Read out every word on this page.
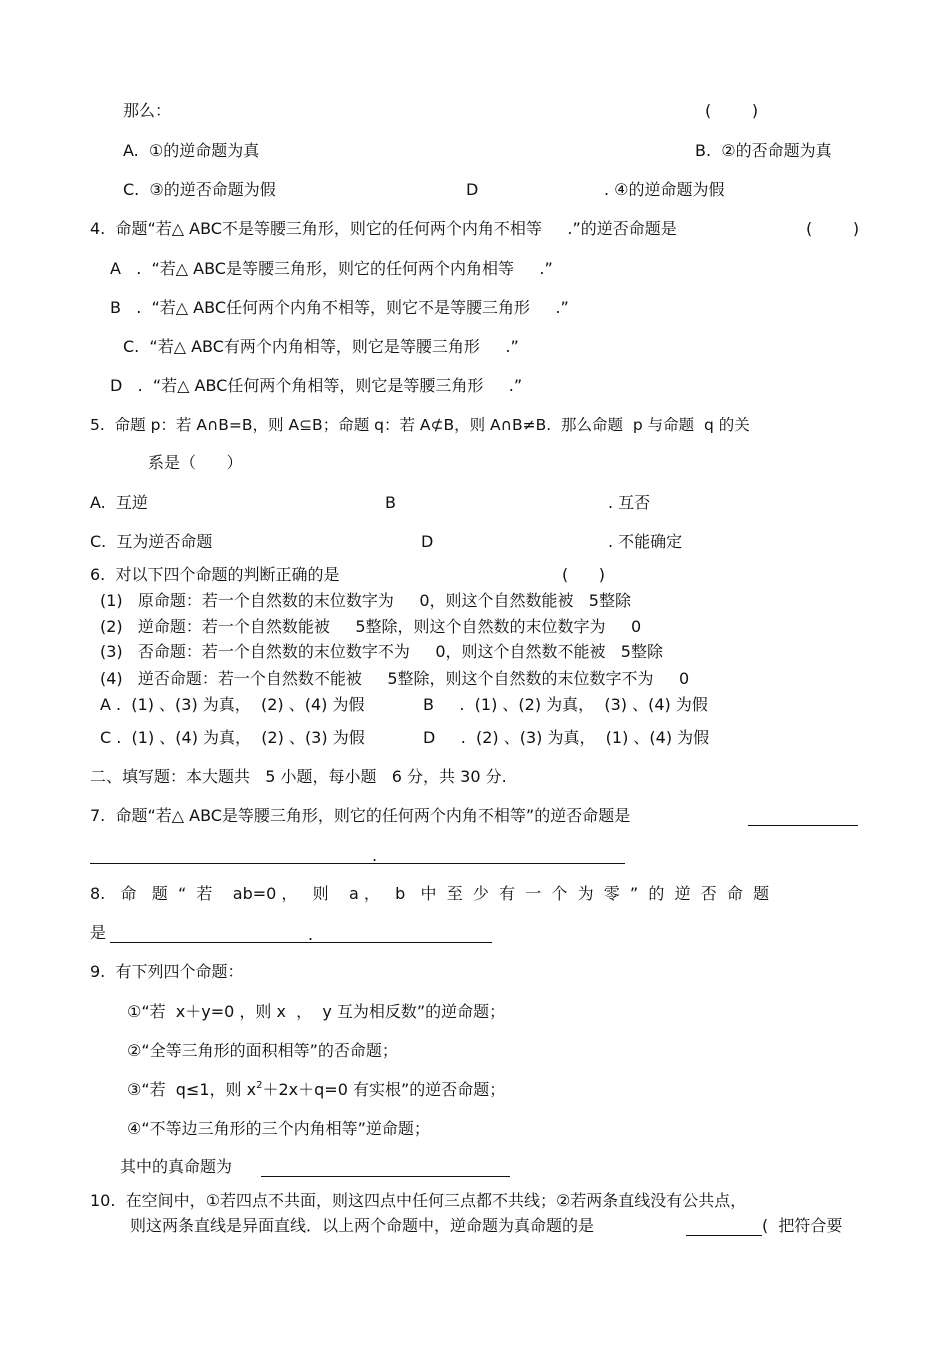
那么：	(        )
A.  ①的逆命题为真	B.  ②的否命题为真
C.  ③的逆否命题为假	D	. ④的逆命题为假
4.  命题“若△ ABC不是等腰三角形，则它的任何两个内角不相等     .”的逆否命题是	(        )
A   .  “若△ ABC是等腰三角形，则它的任何两个内角相等     .”
B   .  “若△ ABC任何两个内角不相等，则它不是等腰三角形     .”
C.  “若△ ABC有两个内角相等，则它是等腰三角形     .”
D   .  “若△ ABC任何两个角相等，则它是等腰三角形     .”
5.  命题 p：若 A∩B=B，则 A⊆B；命题 q：若 A⊄B，则 A∩B≠B.  那么命题  p 与命题  q 的关
系是（      ）
A.  互逆	B	. 互否
C.  互为逆否命题	D	. 不能确定
6.  对以下四个命题的判断正确的是	(      )
(1)   原命题：若一个自然数的末位数字为     0，则这个自然数能被   5整除
(2)   逆命题：若一个自然数能被     5整除，则这个自然数的末位数字为     0
(3)   否命题：若一个自然数的末位数字不为     0，则这个自然数不能被   5整除
(4)   逆否命题：若一个自然数不能被     5整除，则这个自然数的末位数字不为     0
A .  (1) 、(3) 为真，  (2) 、(4) 为假	B     .  (1) 、(2) 为真，  (3) 、(4) 为假
C .  (1) 、(4) 为真，  (2) 、(3) 为假	D     .  (2) 、(3) 为真，  (1) 、(4) 为假
二、填写题：本大题共   5 小题，每小题   6 分，共 30 分.
7.  命题“若△ ABC是等腰三角形，则它的任何两个内角不相等”的逆否命题是
.
8.   命   题  “  若    ab=0 ，   则    a ，   b   中  至  少  有  一  个  为  零  ”  的  逆  否  命  题
是	.
9.  有下列四个命题：
①“若  x＋y=0 ，则 x  ，  y 互为相反数”的逆命题；
②“全等三角形的面积相等”的否命题；
③“若  q≤1，则 $x^2+2x+q=0$ 有实根”的逆否命题；
④“不等边三角形的三个内角相等”逆命题；
其中的真命题为
10.  在空间中，①若四点不共面，则这四点中任何三点都不共线；②若两条直线没有公共点，
则这两条直线是异面直线．以上两个命题中，逆命题为真命题的是	(  把符合要
